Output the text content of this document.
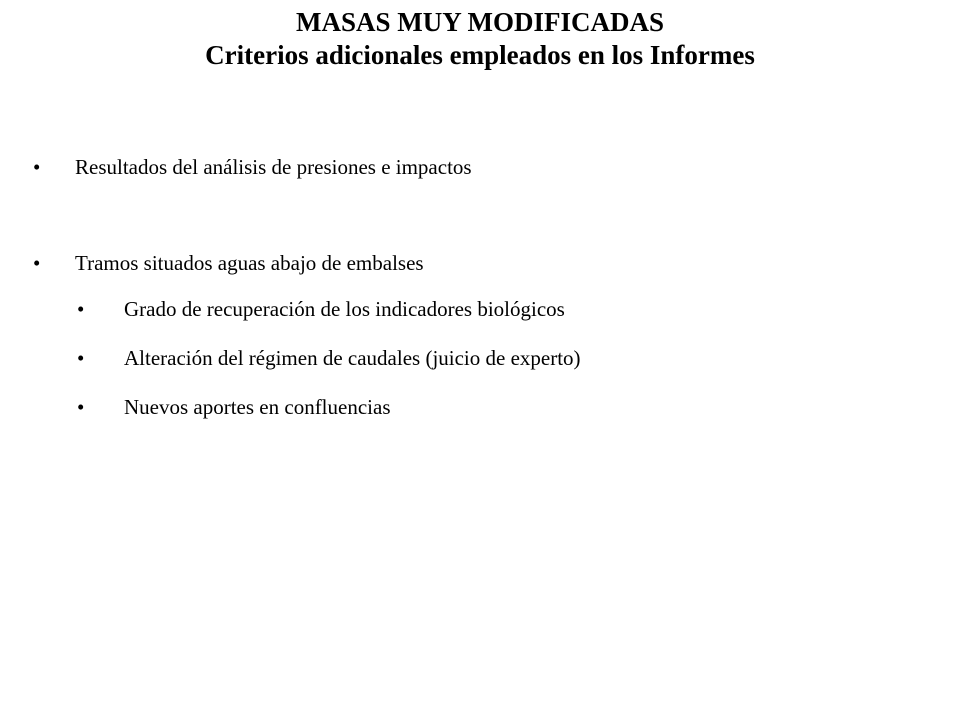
MASAS MUY MODIFICADAS
Criterios adicionales empleados en los Informes
• Resultados del análisis de presiones e impactos
• Tramos situados aguas abajo de embalses
• Grado de recuperación de los indicadores biológicos
• Alteración del régimen de caudales (juicio de experto)
• Nuevos aportes en confluencias
